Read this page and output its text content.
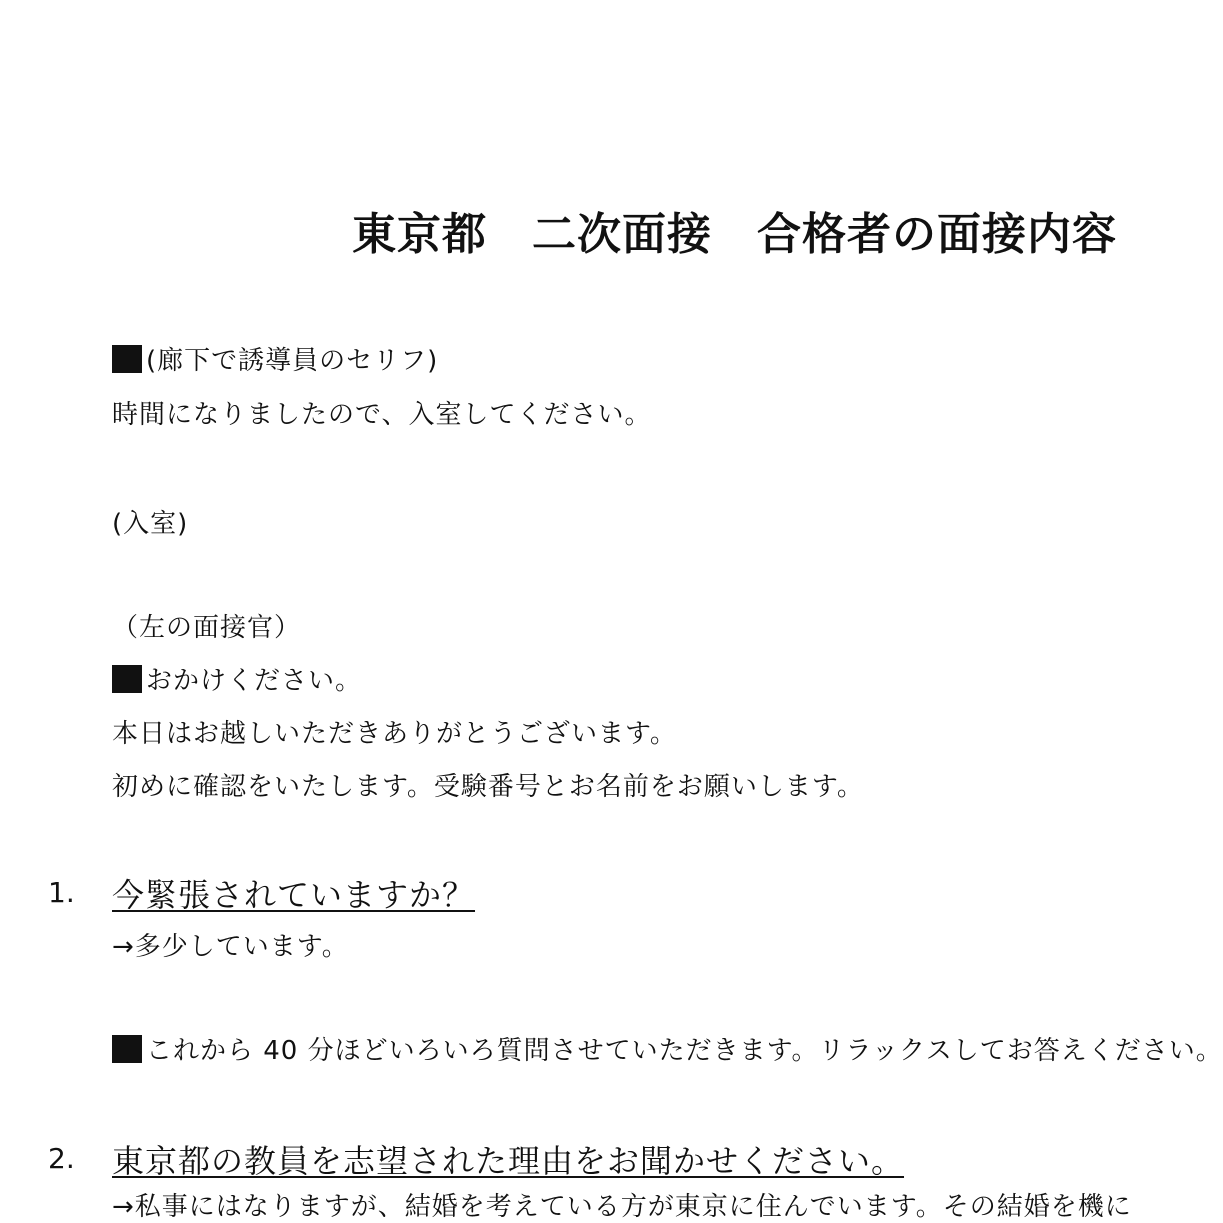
東京都　二次面接　合格者の面接内容
(廊下で誘導員のセリフ)
時間になりましたので、入室してください。
(入室)
（左の面接官）
おかけください。
本日はお越しいただきありがとうございます。
初めに確認をいたします。受験番号とお名前をお願いします。
1. 今緊張されていますか？
→多少しています。
これから 40 分ほどいろいろ質問させていただきます。リラックスしてお答えください。
2. 東京都の教員を志望された理由をお聞かせください。
→私事にはなりますが、結婚を考えている方が東京に住んでいます。その結婚を機に
